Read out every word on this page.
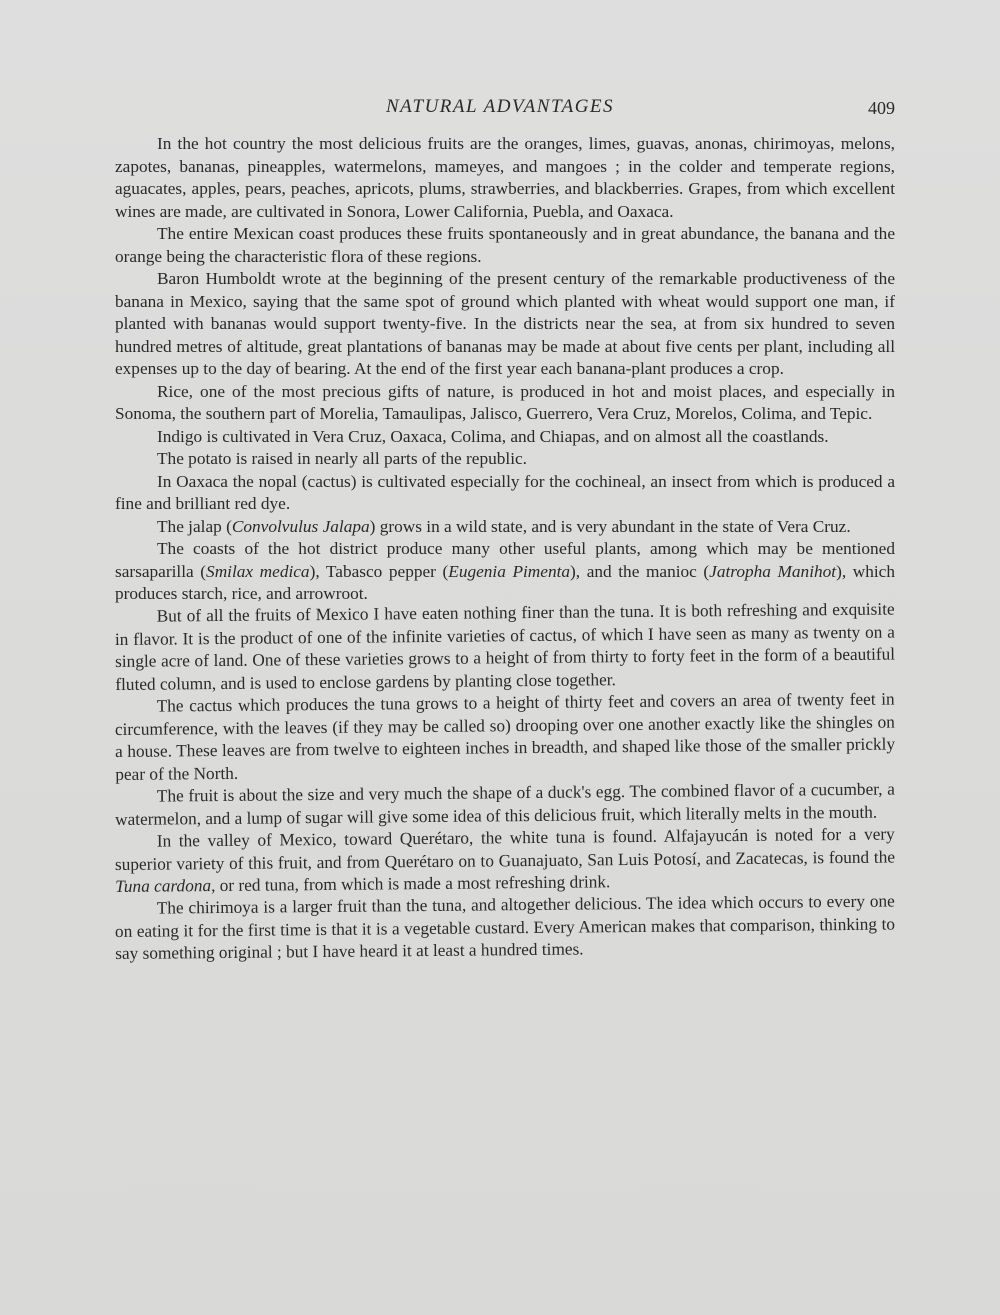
NATURAL ADVANTAGES	409

In the hot country the most delicious fruits are the oranges, limes, guavas, anonas, chirimoyas, melons, zapotes, bananas, pineapples, watermelons, mameyes, and mangoes ; in the colder and temperate regions, aguacates, apples, pears, peaches, apricots, plums, strawberries, and blackberries. Grapes, from which excellent wines are made, are cultivated in Sonora, Lower California, Puebla, and Oaxaca.

The entire Mexican coast produces these fruits spontaneously and in great abundance, the banana and the orange being the characteristic flora of these regions.

Baron Humboldt wrote at the beginning of the present century of the remarkable productiveness of the banana in Mexico, saying that the same spot of ground which planted with wheat would support one man, if planted with bananas would support twenty-five. In the districts near the sea, at from six hundred to seven hundred metres of altitude, great plantations of bananas may be made at about five cents per plant, including all expenses up to the day of bearing. At the end of the first year each banana-plant produces a crop.

Rice, one of the most precious gifts of nature, is produced in hot and moist places, and especially in Sonoma, the southern part of Morelia, Tamaulipas, Jalisco, Guerrero, Vera Cruz, Morelos, Colima, and Tepic.

Indigo is cultivated in Vera Cruz, Oaxaca, Colima, and Chiapas, and on almost all the coastlands.

The potato is raised in nearly all parts of the republic.

In Oaxaca the nopal (cactus) is cultivated especially for the cochineal, an insect from which is produced a fine and brilliant red dye.

The jalap (Convolvulus Jalapa) grows in a wild state, and is very abundant in the state of Vera Cruz.

The coasts of the hot district produce many other useful plants, among which may be mentioned sarsaparilla (Smilax medica), Tabasco pepper (Eugenia Pimenta), and the manioc (Jatropha Manihot), which produces starch, rice, and arrowroot.

But of all the fruits of Mexico I have eaten nothing finer than the tuna. It is both refreshing and exquisite in flavor. It is the product of one of the infinite varieties of cactus, of which I have seen as many as twenty on a single acre of land. One of these varieties grows to a height of from thirty to forty feet in the form of a beautiful fluted column, and is used to enclose gardens by planting close together.

The cactus which produces the tuna grows to a height of thirty feet and covers an area of twenty feet in circumference, with the leaves (if they may be called so) drooping over one another exactly like the shingles on a house. These leaves are from twelve to eighteen inches in breadth, and shaped like those of the smaller prickly pear of the North.

The fruit is about the size and very much the shape of a duck's egg. The combined flavor of a cucumber, a watermelon, and a lump of sugar will give some idea of this delicious fruit, which literally melts in the mouth.

In the valley of Mexico, toward Querétaro, the white tuna is found. Alfajayucán is noted for a very superior variety of this fruit, and from Querétaro on to Guanajuato, San Luis Potosí, and Zacatecas, is found the Tuna cardona, or red tuna, from which is made a most refreshing drink.

The chirimoya is a larger fruit than the tuna, and altogether delicious. The idea which occurs to every one on eating it for the first time is that it is a vegetable custard. Every American makes that comparison, thinking to say something original ; but I have heard it at least a hundred times.
